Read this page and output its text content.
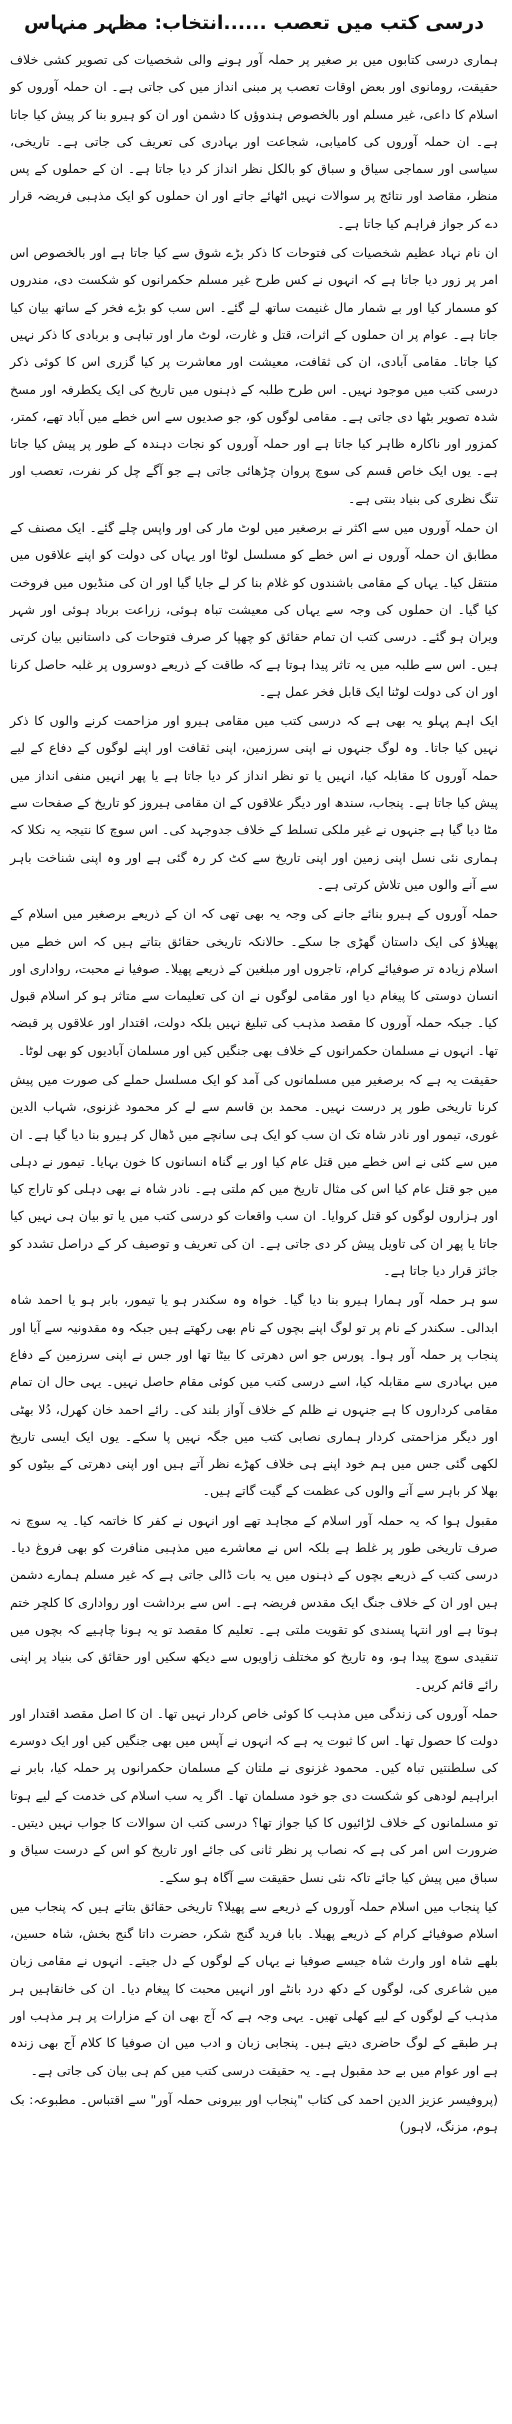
درسی کتب میں تعصب ......انتخاب: مظہر منہاس

ہماری درسی کتابوں میں بر صغیر پر حملہ آور ہونے والی شخصیات کی تصویر کشی خلاف حقیقت، رومانوی اور بعض اوقات تعصب پر مبنی انداز میں کی جاتی ہے۔ ان حملہ آوروں کو اسلام کا داعی، غیر مسلم اور بالخصوص ہندوؤں کا دشمن اور ان کو ہیرو بنا کر پیش کیا جاتا ہے۔ ان حملہ آوروں کی کامیابی، شجاعت اور بہادری کی تعریف کی جاتی ہے۔ تاریخی، سیاسی اور سماجی سیاق و سباق کو بالکل نظر انداز کر دیا جاتا ہے۔ ان کے حملوں کے پس منظر، مقاصد اور نتائج پر سوالات نہیں اٹھائے جاتے اور ان حملوں کو ایک مذہبی فریضہ قرار دے کر جواز فراہم کیا جاتا ہے۔

ان نام نہاد عظیم شخصیات کی فتوحات کا ذکر بڑے شوق سے کیا جاتا ہے اور بالخصوص اس امر پر زور دیا جاتا ہے کہ انہوں نے کس طرح غیر مسلم حکمرانوں کو شکست دی، مندروں کو مسمار کیا اور بے شمار مال غنیمت ساتھ لے گئے۔ اس سب کو بڑے فخر کے ساتھ بیان کیا جاتا ہے۔ عوام پر ان حملوں کے اثرات، قتل و غارت، لوٹ مار اور تباہی و بربادی کا ذکر نہیں کیا جاتا۔ مقامی آبادی، ان کی ثقافت، معیشت اور معاشرت پر کیا گزری اس کا کوئی ذکر درسی کتب میں موجود نہیں۔ اس طرح طلبہ کے ذہنوں میں تاریخ کی ایک یکطرفہ اور مسخ شدہ تصویر بٹھا دی جاتی ہے۔ مقامی لوگوں کو، جو صدیوں سے اس خطے میں آباد تھے، کمتر، کمزور اور ناکارہ ظاہر کیا جاتا ہے اور حملہ آوروں کو نجات دہندہ کے طور پر پیش کیا جاتا ہے۔ یوں ایک خاص قسم کی سوچ پروان چڑھائی جاتی ہے جو آگے چل کر نفرت، تعصب اور تنگ نظری کی بنیاد بنتی ہے۔

ان حملہ آوروں میں سے اکثر نے برصغیر میں لوٹ مار کی اور واپس چلے گئے۔ ایک مصنف کے مطابق ان حملہ آوروں نے اس خطے کو مسلسل لوٹا اور یہاں کی دولت کو اپنے علاقوں میں منتقل کیا۔ یہاں کے مقامی باشندوں کو غلام بنا کر لے جایا گیا اور ان کی منڈیوں میں فروخت کیا گیا۔ ان حملوں کی وجہ سے یہاں کی معیشت تباہ ہوئی، زراعت برباد ہوئی اور شہر ویران ہو گئے۔ درسی کتب ان تمام حقائق کو چھپا کر صرف فتوحات کی داستانیں بیان کرتی ہیں۔ اس سے طلبہ میں یہ تاثر پیدا ہوتا ہے کہ طاقت کے ذریعے دوسروں پر غلبہ حاصل کرنا اور ان کی دولت لوٹنا ایک قابل فخر عمل ہے۔

ایک اہم پہلو یہ بھی ہے کہ درسی کتب میں مقامی ہیرو اور مزاحمت کرنے والوں کا ذکر نہیں کیا جاتا۔ وہ لوگ جنہوں نے اپنی سرزمین، اپنی ثقافت اور اپنے لوگوں کے دفاع کے لیے حملہ آوروں کا مقابلہ کیا، انہیں یا تو نظر انداز کر دیا جاتا ہے یا پھر انہیں منفی انداز میں پیش کیا جاتا ہے۔ پنجاب، سندھ اور دیگر علاقوں کے ان مقامی ہیروز کو تاریخ کے صفحات سے مٹا دیا گیا ہے جنہوں نے غیر ملکی تسلط کے خلاف جدوجہد کی۔ اس سوچ کا نتیجہ یہ نکلا کہ ہماری نئی نسل اپنی زمین اور اپنی تاریخ سے کٹ کر رہ گئی ہے اور وہ اپنی شناخت باہر سے آنے والوں میں تلاش کرتی ہے۔

حملہ آوروں کے ہیرو بنائے جانے کی وجہ یہ بھی تھی کہ ان کے ذریعے برصغیر میں اسلام کے پھیلاؤ کی ایک داستان گھڑی جا سکے۔ حالانکہ تاریخی حقائق بتاتے ہیں کہ اس خطے میں اسلام زیادہ تر صوفیائے کرام، تاجروں اور مبلغین کے ذریعے پھیلا۔ صوفیا نے محبت، رواداری اور انسان دوستی کا پیغام دیا اور مقامی لوگوں نے ان کی تعلیمات سے متاثر ہو کر اسلام قبول کیا۔ جبکہ حملہ آوروں کا مقصد مذہب کی تبلیغ نہیں بلکہ دولت، اقتدار اور علاقوں پر قبضہ تھا۔ انہوں نے مسلمان حکمرانوں کے خلاف بھی جنگیں کیں اور مسلمان آبادیوں کو بھی لوٹا۔

حقیقت یہ ہے کہ برصغیر میں مسلمانوں کی آمد کو ایک مسلسل حملے کی صورت میں پیش کرنا تاریخی طور پر درست نہیں۔ محمد بن قاسم سے لے کر محمود غزنوی، شہاب الدین غوری، تیمور اور نادر شاہ تک ان سب کو ایک ہی سانچے میں ڈھال کر ہیرو بنا دیا گیا ہے۔ ان میں سے کئی نے اس خطے میں قتل عام کیا اور بے گناہ انسانوں کا خون بہایا۔ تیمور نے دہلی میں جو قتل عام کیا اس کی مثال تاریخ میں کم ملتی ہے۔ نادر شاہ نے بھی دہلی کو تاراج کیا اور ہزاروں لوگوں کو قتل کروایا۔ ان سب واقعات کو درسی کتب میں یا تو بیان ہی نہیں کیا جاتا یا پھر ان کی تاویل پیش کر دی جاتی ہے۔ ان کی تعریف و توصیف کر کے دراصل تشدد کو جائز قرار دیا جاتا ہے۔

سو ہر حملہ آور ہمارا ہیرو بنا دیا گیا۔ خواہ وہ سکندر ہو یا تیمور، بابر ہو یا احمد شاہ ابدالی۔ سکندر کے نام پر تو لوگ اپنے بچوں کے نام بھی رکھتے ہیں جبکہ وہ مقدونیہ سے آیا اور پنجاب پر حملہ آور ہوا۔ پورس جو اس دھرتی کا بیٹا تھا اور جس نے اپنی سرزمین کے دفاع میں بہادری سے مقابلہ کیا، اسے درسی کتب میں کوئی مقام حاصل نہیں۔ یہی حال ان تمام مقامی کرداروں کا ہے جنہوں نے ظلم کے خلاف آواز بلند کی۔ رائے احمد خان کھرل، دُلا بھٹی اور دیگر مزاحمتی کردار ہماری نصابی کتب میں جگہ نہیں پا سکے۔ یوں ایک ایسی تاریخ لکھی گئی جس میں ہم خود اپنے ہی خلاف کھڑے نظر آتے ہیں اور اپنی دھرتی کے بیٹوں کو بھلا کر باہر سے آنے والوں کی عظمت کے گیت گاتے ہیں۔

مقبول ہوا کہ یہ حملہ آور اسلام کے مجاہد تھے اور انہوں نے کفر کا خاتمہ کیا۔ یہ سوچ نہ صرف تاریخی طور پر غلط ہے بلکہ اس نے معاشرے میں مذہبی منافرت کو بھی فروغ دیا۔ درسی کتب کے ذریعے بچوں کے ذہنوں میں یہ بات ڈالی جاتی ہے کہ غیر مسلم ہمارے دشمن ہیں اور ان کے خلاف جنگ ایک مقدس فریضہ ہے۔ اس سے برداشت اور رواداری کا کلچر ختم ہوتا ہے اور انتہا پسندی کو تقویت ملتی ہے۔ تعلیم کا مقصد تو یہ ہونا چاہیے کہ بچوں میں تنقیدی سوچ پیدا ہو، وہ تاریخ کو مختلف زاویوں سے دیکھ سکیں اور حقائق کی بنیاد پر اپنی رائے قائم کریں۔

حملہ آوروں کی زندگی میں مذہب کا کوئی خاص کردار نہیں تھا۔ ان کا اصل مقصد اقتدار اور دولت کا حصول تھا۔ اس کا ثبوت یہ ہے کہ انہوں نے آپس میں بھی جنگیں کیں اور ایک دوسرے کی سلطنتیں تباہ کیں۔ محمود غزنوی نے ملتان کے مسلمان حکمرانوں پر حملہ کیا، بابر نے ابراہیم لودھی کو شکست دی جو خود مسلمان تھا۔ اگر یہ سب اسلام کی خدمت کے لیے ہوتا تو مسلمانوں کے خلاف لڑائیوں کا کیا جواز تھا؟ درسی کتب ان سوالات کا جواب نہیں دیتیں۔ ضرورت اس امر کی ہے کہ نصاب پر نظر ثانی کی جائے اور تاریخ کو اس کے درست سیاق و سباق میں پیش کیا جائے تاکہ نئی نسل حقیقت سے آگاہ ہو سکے۔

کیا پنجاب میں اسلام حملہ آوروں کے ذریعے سے پھیلا؟ تاریخی حقائق بتاتے ہیں کہ پنجاب میں اسلام صوفیائے کرام کے ذریعے پھیلا۔ بابا فرید گنج شکر، حضرت داتا گنج بخش، شاہ حسین، بلھے شاہ اور وارث شاہ جیسے صوفیا نے یہاں کے لوگوں کے دل جیتے۔ انہوں نے مقامی زبان میں شاعری کی، لوگوں کے دکھ درد بانٹے اور انہیں محبت کا پیغام دیا۔ ان کی خانقاہیں ہر مذہب کے لوگوں کے لیے کھلی تھیں۔ یہی وجہ ہے کہ آج بھی ان کے مزارات پر ہر مذہب اور ہر طبقے کے لوگ حاضری دیتے ہیں۔ پنجابی زبان و ادب میں ان صوفیا کا کلام آج بھی زندہ ہے اور عوام میں بے حد مقبول ہے۔ یہ حقیقت درسی کتب میں کم ہی بیان کی جاتی ہے۔

(پروفیسر عزیز الدین احمد کی کتاب "پنجاب اور بیرونی حملہ آور" سے اقتباس۔ مطبوعہ: بک ہوم، مزنگ، لاہور)
